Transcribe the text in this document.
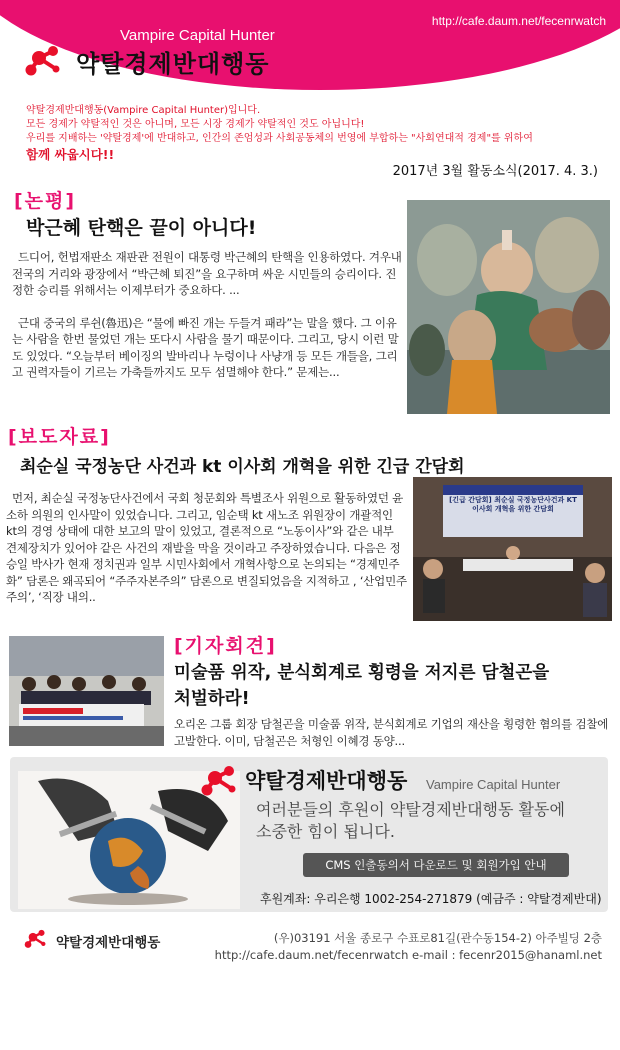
http://cafe.daum.net/fecenrwatch
Vampire Capital Hunter
약탈경제반대행동
약탈경제반대행동(Vampire Capital Hunter)입니다.
모든 경제가 약탈적인 것은 아니며, 모든 시장 경제가 약탈적인 것도 아닙니다!
우리를 지배하는 '약탈경제'에 반대하고, 인간의 존엄성과 사회공동체의 번영에 부합하는 "사회연대적 경제"를 위하여
함께 싸웁시다!!
2017년 3월 활동소식(2017. 4. 3.)
[논평]
박근혜 탄핵은 끝이 아니다!

드디어, 헌법재판소 재판관 전원이 대통령 박근혜의 탄핵을 인용하였다. 겨우내 전국의 거리와 광장에서 “박근혜 퇴진”을 요구하며 싸운 시민들의 승리이다. 진정한 승리를 위해서는 이제부터가 중요하다. ...

근대 중국의 루쉰(魯迅)은 “물에 빠진 개는 두들겨 패라”는 말을 했다. 그 이유는 사람을 한번 물었던 개는 또다시 사람을 물기 때문이다. 그리고, 당시 이런 말도 있었다. “오늘부터 베이징의 발바리나 누렁이나 사냥개 등 모든 개들을, 그리고 권력자들이 기르는 가축들까지도 모두 섬멸해야 한다.” 문제는...

[보도자료]
최순실 국정농단 사건과 kt 이사회 개혁을 위한 긴급 간담회
먼저, 최순실 국정농단사건에서 국회 청문회와 특별조사 위원으로 활동하였던 윤소하 의원의 인사말이 있었습니다. 그리고, 임순택 kt 새노조 위원장이 개괄적인 kt의 경영 상태에 대한 보고의 말이 있었고, 결론적으로 “노동이사”와 같은 내부 견제장치가 있어야 같은 사건의 재발을 막을 것이라고 주장하였습니다. 다음은 정승일 박사가 현재 정치권과 일부 시민사회에서 개혁사항으로 논의되는 “경제민주화” 담론은 왜곡되어 “주주자본주의” 담론으로 변질되었음을 지적하고 , ‘산업민주주의’, ‘직장 내의..
[긴급 간담회] 최순실 국정농단사건과 KT이사회 개혁을 위한 간담회
[기자회견]
미술품 위작, 분식회계로 횡령을 저지른 담철곤을
처벌하라!
오리온 그룹 회장 담철곤을 미술품 위작, 분식회계로 기업의 재산을 횡령한 혐의를 검찰에 고발한다. 이미, 담철곤은 처형인 이혜경 동양...
약탈경제반대행동 Vampire Capital Hunter
여러분들의 후원이 약탈경제반대행동 활동에
소중한 힘이 됩니다.
CMS 인출동의서 다운로드 및 회원가입 안내
후원계좌: 우리은행 1002-254-271879 (예금주 : 약탈경제반대)
약탈경제반대행동	(우)03191 서울 종로구 수표로81길(관수동154-2) 아주빌딩 2층
http://cafe.daum.net/fecenrwatch e-mail : fecenr2015@hanaml.net
